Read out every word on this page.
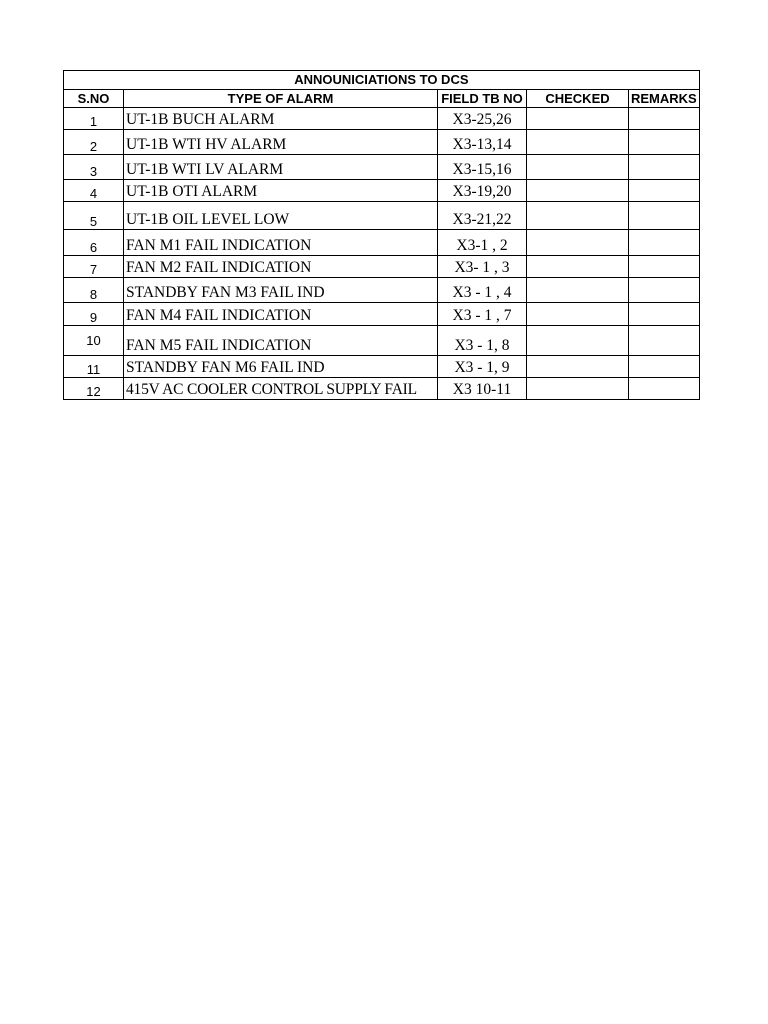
ANNOUNICIATIONS TO DCS				
S.NO	TYPE OF ALARM	FIELD TB NO	CHECKED	REMARKS
1	UT-1B BUCH ALARM	X3-25,26		
2	UT-1B WTI HV ALARM	X3-13,14		
3	UT-1B WTI LV ALARM	X3-15,16		
4	UT-1B OTI ALARM	X3-19,20		
5	UT-1B OIL LEVEL LOW	X3-21,22		
6	FAN M1 FAIL INDICATION	X3-1 , 2		
7	FAN M2 FAIL INDICATION	X3- 1 , 3		
8	STANDBY FAN M3 FAIL IND	X3 - 1 , 4		
9	FAN M4 FAIL INDICATION	X3 - 1 , 7		
10	FAN M5 FAIL INDICATION	X3 - 1, 8		
11	STANDBY FAN M6 FAIL IND	X3 - 1, 9		
12	415V AC COOLER CONTROL SUPPLY FAIL	X3 10-11		
